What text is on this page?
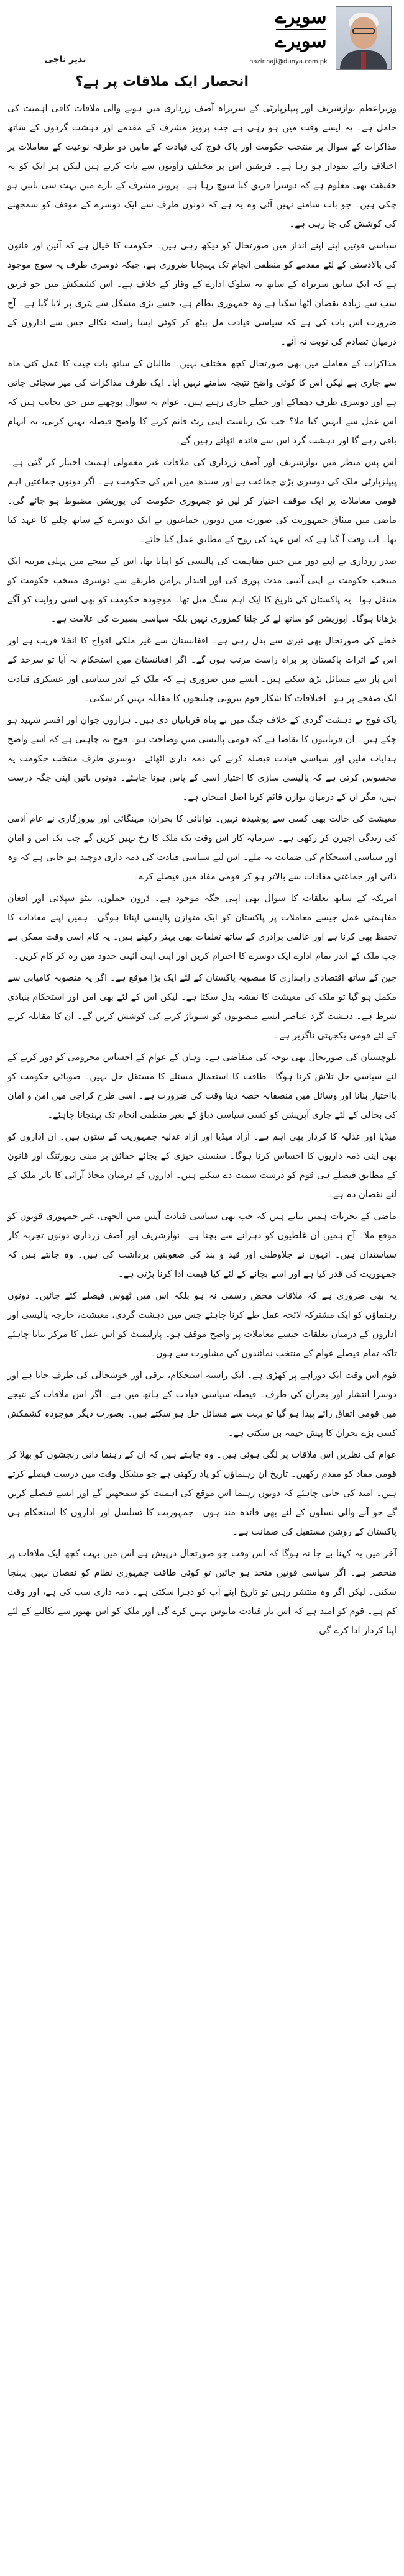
سویرے
سویرے
nazir.naji@dunya.com.pk
نذیر ناجی
انحصار ایک ملاقات پر ہے؟

وزیراعظم نوازشریف اور پیپلزپارٹی کے سربراہ آصف زرداری میں ہونے والی ملاقات کافی اہمیت کی حامل ہے۔ یہ ایسے وقت میں ہو رہی ہے جب پرویز مشرف کے مقدمے اور دہشت گردوں کے ساتھ مذاکرات کے سوال پر منتخب حکومت اور پاک فوج کی قیادت کے مابین دو طرفہ نوعیت کے معاملات پر اختلاف رائے نمودار ہو رہا ہے۔ فریقین اس پر مختلف زاویوں سے بات کرتے ہیں لیکن ہر ایک کو یہ حقیقت بھی معلوم ہے کہ دوسرا فریق کیا سوچ رہا ہے۔ پرویز مشرف کے بارے میں بہت سی باتیں ہو چکی ہیں۔ جو بات سامنے نہیں آئی وہ یہ ہے کہ دونوں طرف سے ایک دوسرے کے موقف کو سمجھنے کی کوشش کی جا رہی ہے۔

سیاسی قوتیں اپنے اپنے انداز میں صورتحال کو دیکھ رہی ہیں۔ حکومت کا خیال ہے کہ آئین اور قانون کی بالادستی کے لئے مقدمے کو منطقی انجام تک پہنچانا ضروری ہے، جبکہ دوسری طرف یہ سوچ موجود ہے کہ ایک سابق سربراہ کے ساتھ یہ سلوک ادارے کے وقار کے خلاف ہے۔ اس کشمکش میں جو فریق سب سے زیادہ نقصان اٹھا سکتا ہے وہ جمہوری نظام ہے، جسے بڑی مشکل سے پٹری پر لایا گیا ہے۔ آج ضرورت اس بات کی ہے کہ سیاسی قیادت مل بیٹھ کر کوئی ایسا راستہ نکالے جس سے اداروں کے درمیان تصادم کی نوبت نہ آئے۔

مذاکرات کے معاملے میں بھی صورتحال کچھ مختلف نہیں۔ طالبان کے ساتھ بات چیت کا عمل کئی ماہ سے جاری ہے لیکن اس کا کوئی واضح نتیجہ سامنے نہیں آیا۔ ایک طرف مذاکرات کی میز سجائی جاتی ہے اور دوسری طرف دھماکے اور حملے جاری رہتے ہیں۔ عوام یہ سوال پوچھنے میں حق بجانب ہیں کہ اس عمل سے انہیں کیا ملا؟ جب تک ریاست اپنی رٹ قائم کرنے کا واضح فیصلہ نہیں کرتی، یہ ابہام باقی رہے گا اور دہشت گرد اس سے فائدہ اٹھاتے رہیں گے۔

اس پس منظر میں نوازشریف اور آصف زرداری کی ملاقات غیر معمولی اہمیت اختیار کر گئی ہے۔ پیپلزپارٹی ملک کی دوسری بڑی جماعت ہے اور سندھ میں اس کی حکومت ہے۔ اگر دونوں جماعتیں اہم قومی معاملات پر ایک موقف اختیار کر لیں تو جمہوری حکومت کی پوزیشن مضبوط ہو جائے گی۔ ماضی میں میثاق جمہوریت کی صورت میں دونوں جماعتوں نے ایک دوسرے کے ساتھ چلنے کا عہد کیا تھا۔ اب وقت آ گیا ہے کہ اس عہد کی روح کے مطابق عمل کیا جائے۔

صدر زرداری نے اپنے دور میں جس مفاہمت کی پالیسی کو اپنایا تھا، اس کے نتیجے میں پہلی مرتبہ ایک منتخب حکومت نے اپنی آئینی مدت پوری کی اور اقتدار پرامن طریقے سے دوسری منتخب حکومت کو منتقل ہوا۔ یہ پاکستان کی تاریخ کا ایک اہم سنگ میل تھا۔ موجودہ حکومت کو بھی اسی روایت کو آگے بڑھانا ہوگا۔ اپوزیشن کو ساتھ لے کر چلنا کمزوری نہیں بلکہ سیاسی بصیرت کی علامت ہے۔

خطے کی صورتحال بھی تیزی سے بدل رہی ہے۔ افغانستان سے غیر ملکی افواج کا انخلا قریب ہے اور اس کے اثرات پاکستان پر براہ راست مرتب ہوں گے۔ اگر افغانستان میں استحکام نہ آیا تو سرحد کے اس پار سے مسائل بڑھ سکتے ہیں۔ ایسے میں ضروری ہے کہ ملک کے اندر سیاسی اور عسکری قیادت ایک صفحے پر ہو۔ اختلافات کا شکار قوم بیرونی چیلنجوں کا مقابلہ نہیں کر سکتی۔

پاک فوج نے دہشت گردی کے خلاف جنگ میں بے پناہ قربانیاں دی ہیں۔ ہزاروں جوان اور افسر شہید ہو چکے ہیں۔ ان قربانیوں کا تقاضا ہے کہ قومی پالیسی میں وضاحت ہو۔ فوج یہ چاہتی ہے کہ اسے واضح ہدایات ملیں اور سیاسی قیادت فیصلہ کرنے کی ذمہ داری اٹھائے۔ دوسری طرف منتخب حکومت یہ محسوس کرتی ہے کہ پالیسی سازی کا اختیار اسی کے پاس ہونا چاہئے۔ دونوں باتیں اپنی جگہ درست ہیں، مگر ان کے درمیان توازن قائم کرنا اصل امتحان ہے۔

معیشت کی حالت بھی کسی سے پوشیدہ نہیں۔ توانائی کا بحران، مہنگائی اور بیروزگاری نے عام آدمی کی زندگی اجیرن کر رکھی ہے۔ سرمایہ کار اس وقت تک ملک کا رخ نہیں کریں گے جب تک امن و امان اور سیاسی استحکام کی ضمانت نہ ملے۔ اس لئے سیاسی قیادت کی ذمہ داری دوچند ہو جاتی ہے کہ وہ ذاتی اور جماعتی مفادات سے بالاتر ہو کر قومی مفاد میں فیصلے کرے۔

امریکہ کے ساتھ تعلقات کا سوال بھی اپنی جگہ موجود ہے۔ ڈرون حملوں، نیٹو سپلائی اور افغان مفاہمتی عمل جیسے معاملات پر پاکستان کو ایک متوازن پالیسی اپنانا ہوگی۔ ہمیں اپنے مفادات کا تحفظ بھی کرنا ہے اور عالمی برادری کے ساتھ تعلقات بھی بہتر رکھنے ہیں۔ یہ کام اسی وقت ممکن ہے جب ملک کے اندر تمام ادارے ایک دوسرے کا احترام کریں اور اپنی اپنی آئینی حدود میں رہ کر کام کریں۔

چین کے ساتھ اقتصادی راہداری کا منصوبہ پاکستان کے لئے ایک بڑا موقع ہے۔ اگر یہ منصوبہ کامیابی سے مکمل ہو گیا تو ملک کی معیشت کا نقشہ بدل سکتا ہے۔ لیکن اس کے لئے بھی امن اور استحکام بنیادی شرط ہے۔ دہشت گرد عناصر ایسے منصوبوں کو سبوتاژ کرنے کی کوشش کریں گے۔ ان کا مقابلہ کرنے کے لئے قومی یکجہتی ناگزیر ہے۔

بلوچستان کی صورتحال بھی توجہ کی متقاضی ہے۔ وہاں کے عوام کے احساس محرومی کو دور کرنے کے لئے سیاسی حل تلاش کرنا ہوگا۔ طاقت کا استعمال مسئلے کا مستقل حل نہیں۔ صوبائی حکومت کو بااختیار بنانا اور وسائل میں منصفانہ حصہ دینا وقت کی ضرورت ہے۔ اسی طرح کراچی میں امن و امان کی بحالی کے لئے جاری آپریشن کو کسی سیاسی دباؤ کے بغیر منطقی انجام تک پہنچانا چاہئے۔

میڈیا اور عدلیہ کا کردار بھی اہم ہے۔ آزاد میڈیا اور آزاد عدلیہ جمہوریت کے ستون ہیں۔ ان اداروں کو بھی اپنی ذمہ داریوں کا احساس کرنا ہوگا۔ سنسنی خیزی کے بجائے حقائق پر مبنی رپورٹنگ اور قانون کے مطابق فیصلے ہی قوم کو درست سمت دے سکتے ہیں۔ اداروں کے درمیان محاذ آرائی کا تاثر ملک کے لئے نقصان دہ ہے۔

ماضی کے تجربات ہمیں بتاتے ہیں کہ جب بھی سیاسی قیادت آپس میں الجھی، غیر جمہوری قوتوں کو موقع ملا۔ آج ہمیں ان غلطیوں کو دہرانے سے بچنا ہے۔ نوازشریف اور آصف زرداری دونوں تجربہ کار سیاستدان ہیں۔ انہوں نے جلاوطنی اور قید و بند کی صعوبتیں برداشت کی ہیں۔ وہ جانتے ہیں کہ جمہوریت کی قدر کیا ہے اور اسے بچانے کے لئے کیا قیمت ادا کرنا پڑتی ہے۔

یہ بھی ضروری ہے کہ ملاقات محض رسمی نہ ہو بلکہ اس میں ٹھوس فیصلے کئے جائیں۔ دونوں رہنماؤں کو ایک مشترکہ لائحہ عمل طے کرنا چاہئے جس میں دہشت گردی، معیشت، خارجہ پالیسی اور اداروں کے درمیان تعلقات جیسے معاملات پر واضح موقف ہو۔ پارلیمنٹ کو اس عمل کا مرکز بنانا چاہئے تاکہ تمام فیصلے عوام کے منتخب نمائندوں کی مشاورت سے ہوں۔

قوم اس وقت ایک دوراہے پر کھڑی ہے۔ ایک راستہ استحکام، ترقی اور خوشحالی کی طرف جاتا ہے اور دوسرا انتشار اور بحران کی طرف۔ فیصلہ سیاسی قیادت کے ہاتھ میں ہے۔ اگر اس ملاقات کے نتیجے میں قومی اتفاق رائے پیدا ہو گیا تو بہت سے مسائل حل ہو سکتے ہیں۔ بصورت دیگر موجودہ کشمکش کسی بڑے بحران کا پیش خیمہ بن سکتی ہے۔

عوام کی نظریں اس ملاقات پر لگی ہوئی ہیں۔ وہ چاہتے ہیں کہ ان کے رہنما ذاتی رنجشوں کو بھلا کر قومی مفاد کو مقدم رکھیں۔ تاریخ ان رہنماؤں کو یاد رکھتی ہے جو مشکل وقت میں درست فیصلے کرتے ہیں۔ امید کی جانی چاہئے کہ دونوں رہنما اس موقع کی اہمیت کو سمجھیں گے اور ایسے فیصلے کریں گے جو آنے والی نسلوں کے لئے بھی فائدہ مند ہوں۔ جمہوریت کا تسلسل اور اداروں کا استحکام ہی پاکستان کے روشن مستقبل کی ضمانت ہے۔

آخر میں یہ کہنا بے جا نہ ہوگا کہ اس وقت جو صورتحال درپیش ہے اس میں بہت کچھ ایک ملاقات پر منحصر ہے۔ اگر سیاسی قوتیں متحد ہو جائیں تو کوئی طاقت جمہوری نظام کو نقصان نہیں پہنچا سکتی۔ لیکن اگر وہ منتشر رہیں تو تاریخ اپنے آپ کو دہرا سکتی ہے۔ ذمہ داری سب کی ہے، اور وقت کم ہے۔ قوم کو امید ہے کہ اس بار قیادت مایوس نہیں کرے گی اور ملک کو اس بھنور سے نکالنے کے لئے اپنا کردار ادا کرے گی۔
